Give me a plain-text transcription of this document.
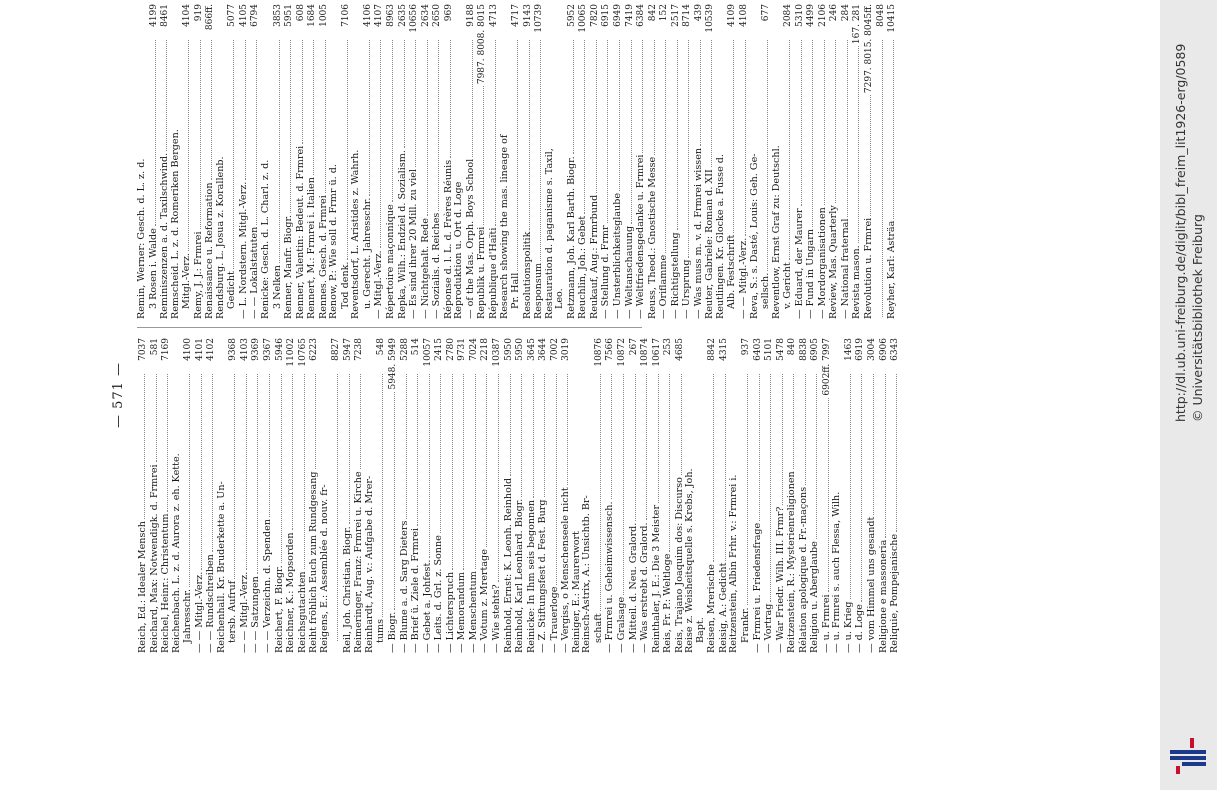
— 571 —
Reich, Ed.: Idealer Mensch
7037
Reichard, Max: Notwendigk. d. Frmrei
581
Reichel, Heinr.: Christentum
7169
Reichenbach. L. z. d. Aurora z. eh. Kette. Jahresschr.
4100
— — Mitgl.-Verz.
4101
— — Rundschreiben
4102
Reichenhall. Kr. Bruderkette a. Un- tersb. Aufruf
9368
— — Mitgl.-Verz.
4103
— — Satzungen
9369
— — Verzeichn. d. Spenden
9367
Reichert, F. Biogr.
5946
Reichner, K.: Mopsorden
11002
Reichsgutachten
10765
Reiht fröhlich Euch zum Rundgesang
6223
Reigens, E.: Assemblée d. nouv. fr-
8827
Reil, Joh. Christian. Biogr.
5947
Reimeringer, Franz: Frmrei u. Kirche
7238
Reinhardt, Aug. v.: Aufgabe d. Mrer- tums
548
— Biogr.
5948. 5949
— Blume a. d. Sarg Dieters
5288
— Brief ü. Ziele d. Frmrei
514
— Gebet a. Johfest.
10057
— Leits. d. Grl. z. Sonne
2415
— Lichterspruch
2780
— Memorandum
9731
— Menschentum
7024
— Votum z. Mrertage
2218
— Wie stehts?
10387
Reinhold, Ernst: K. Leonh. Reinhold
5950
Reinhold, Karl Leonhard. Biogr.
5950
Reinicke: In Ihm seis begonnen
3645
— Z. Stiftungsfest d. Fest. Burg
3644
— Trauerloge
7002
— Vergiss, o Menschenseele nicht
3019
Reiniger, E.: Maurerwort Reinsch-Astrix, A.: Unsichtb. Br- schaft
10876
— Frmrei u. Geheimwissensch.
7566
— Gralsage
10872
— Mitteil. d. Neu. Gralord.
267
— Was erstrebt d. Gralord.
10874
Reinthaler, J. E.: Die 3 Meister
10617
Reis, Fr. P.: Weltloge
253
Reis, Trajano Joaquim dos: Discurso
4685
Reise z. Weisheitsquelle s. Krebs, Joh. Bapt. Reisen, Mrerische
8842
Reisig, A.: Gedicht
4315
Reitzenstein, Albin Frhr. v.: Frmrei i. Frankr.
937
— Frmrei u. Friedensfrage
6403
— Vortrag
5101
— War Friedr. Wilh. III. Frmr?
5478
Reitzenstein, R.: Mysterienreligionen
840
Rélation apologique d. Fr.-maçons
8838
Religion u. Aberglaube
6905
— u. Frmrei
6902ff. 7997
— u. Frmrei s. auch Flessa, Wilh. — u. Krieg
1463
— d. Loge
6919
— vom Himmel uns gesandt
3004
Religione e massoneria
6906
Reliquie, Pompejanische
6343
Remin, Werner: Gesch. d. L. z. d. 3 Rosen i. Walde
4199
Reminiszenzen a. d. Taxilschwind.
8461
Remscheid. L. z. d. Romeriken Bergen. Mitgl.-Verz.
4104
Remy, J. J.: Frmrei
919
Renaissance u. Reformation
866ff.
Rendsburg. L. Josua z. Korallenb. Gedicht
5077
— L. Nordstern. Mitgl.-Verz.
4105
— — Lokalstatuten
6794
Renicke: Gesch. d. L. Charl. z. d. 3 Nelken
3853
Renner, Manfr. Biogr.
5951
Renner, Valentin: Bedeut. d. Frmrei
608
Rennert, M.: Frmrei i. Italien
1684
Rennes. Gesch. d. Frmrei
1005
Renow, P.: Wie soll d. Frmr ü. d. Tod denk.
7106
Reventsdorf, L. Aristides z. Wahrh. u. Gerecht. Jahresschr.
4106
— Mitgl.-Verz.
4107
Répertoire maçonnique
8963
Repka, Wilh.: Endziel d. Sozialism.
2635
— Es sind ihrer 20 Mill. zu viel
10656
— Nichtgehalt. Rede
2634
— Sozialis. d. Reiches
2650
Réponse d. l. L. d. Frères Réunis
969
Reproduktion u. Ort d. Loge — of the Mas. Orph. Boys School
9188
Republik u. Frmrei
7987. 8008. 8015
République d'Haïti
4713
Research showing the mas. lineage of Pr. Hall
4717
Resolutionspolitik
9143
Responsum
10739
Restauration d. paganisme s. Taxil, Leo. Retzmann, Joh. Karl Barth. Biogr.
5952
Reuchlin, Joh.: Gebet
10065
Reukauf, Aug.: Frmrbund
7820
— Stellung d. Frmr
6915
— Unsterblichkeitsglaube
6949
— Weltanschauung
7419
— Weltfriedensgedanke u. Frmrei
6384
Reuss, Theod.: Gnostische Messe
842
— Oriflamme
152
— Richtigstellung
2517
— Ursprung
8714
— Was muss m. v. d. Frmrei wissen
439
Reuter, Gabriele: Roman d. XII
10539
Reutlingen. Kr. Glocke a. Fusse d. Alb. Festschrift
4109
— — Mitgl.-Verz.
4108
Reva, S.: s. Dasté, Louis: Geh. Ge- sellsch.
677
Reventlow, Ernst Graf zu: Deutschl. v. Gericht
2084
— Eduard, der Maurer
5310
— Fund in Ungarn
4499
— Mordorganisationen
2106
Review, Mas. Quarterly
246
— National fraternal
284
Revista mason.
167. 281
Revolution u. Frmrei
7297. 8015. 8045ff. 8048
Reyher, Karl: Asträa
10415
http://dl.ub.uni-freiburg.de/diglit/bibl_freim_lit1926-erg/0589 © Universitätsbibliothek Freiburg
